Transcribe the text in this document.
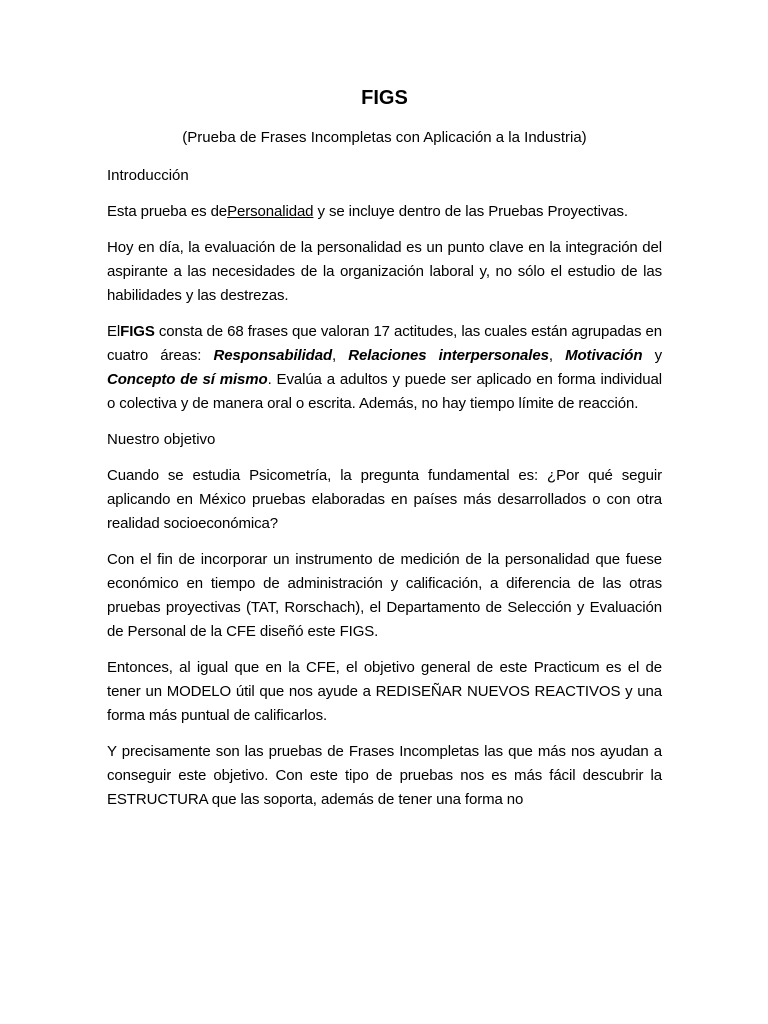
FIGS
(Prueba de Frases Incompletas con Aplicación a la Industria)
Introducción

Esta prueba es dePersonalidad y se incluye dentro de las Pruebas Proyectivas.

Hoy en día, la evaluación de la personalidad es un punto clave en la integración del aspirante a las necesidades de la organización laboral y, no sólo el estudio de las habilidades y las destrezas.

ElFIGS consta de 68 frases que valoran 17 actitudes, las cuales están agrupadas en cuatro áreas: Responsabilidad, Relaciones interpersonales, Motivación y Concepto de sí mismo. Evalúa a adultos y puede ser aplicado en forma individual o colectiva y de manera oral o escrita. Además, no hay tiempo límite de reacción.

Nuestro objetivo

Cuando se estudia Psicometría, la pregunta fundamental es: ¿Por qué seguir aplicando en México pruebas elaboradas en países más desarrollados o con otra realidad socioeconómica?

Con el fin de incorporar un instrumento de medición de la personalidad que fuese económico en tiempo de administración y calificación, a diferencia de las otras pruebas proyectivas (TAT, Rorschach), el Departamento de Selección y Evaluación de Personal de la CFE diseñó este FIGS.

Entonces, al igual que en la CFE, el objetivo general de este Practicum es el de tener un MODELO útil que nos ayude a REDISEÑAR NUEVOS REACTIVOS y una forma más puntual de calificarlos.

Y precisamente son las pruebas de Frases Incompletas las que más nos ayudan a conseguir este objetivo. Con este tipo de pruebas nos es más fácil descubrir la ESTRUCTURA que las soporta, además de tener una forma no
